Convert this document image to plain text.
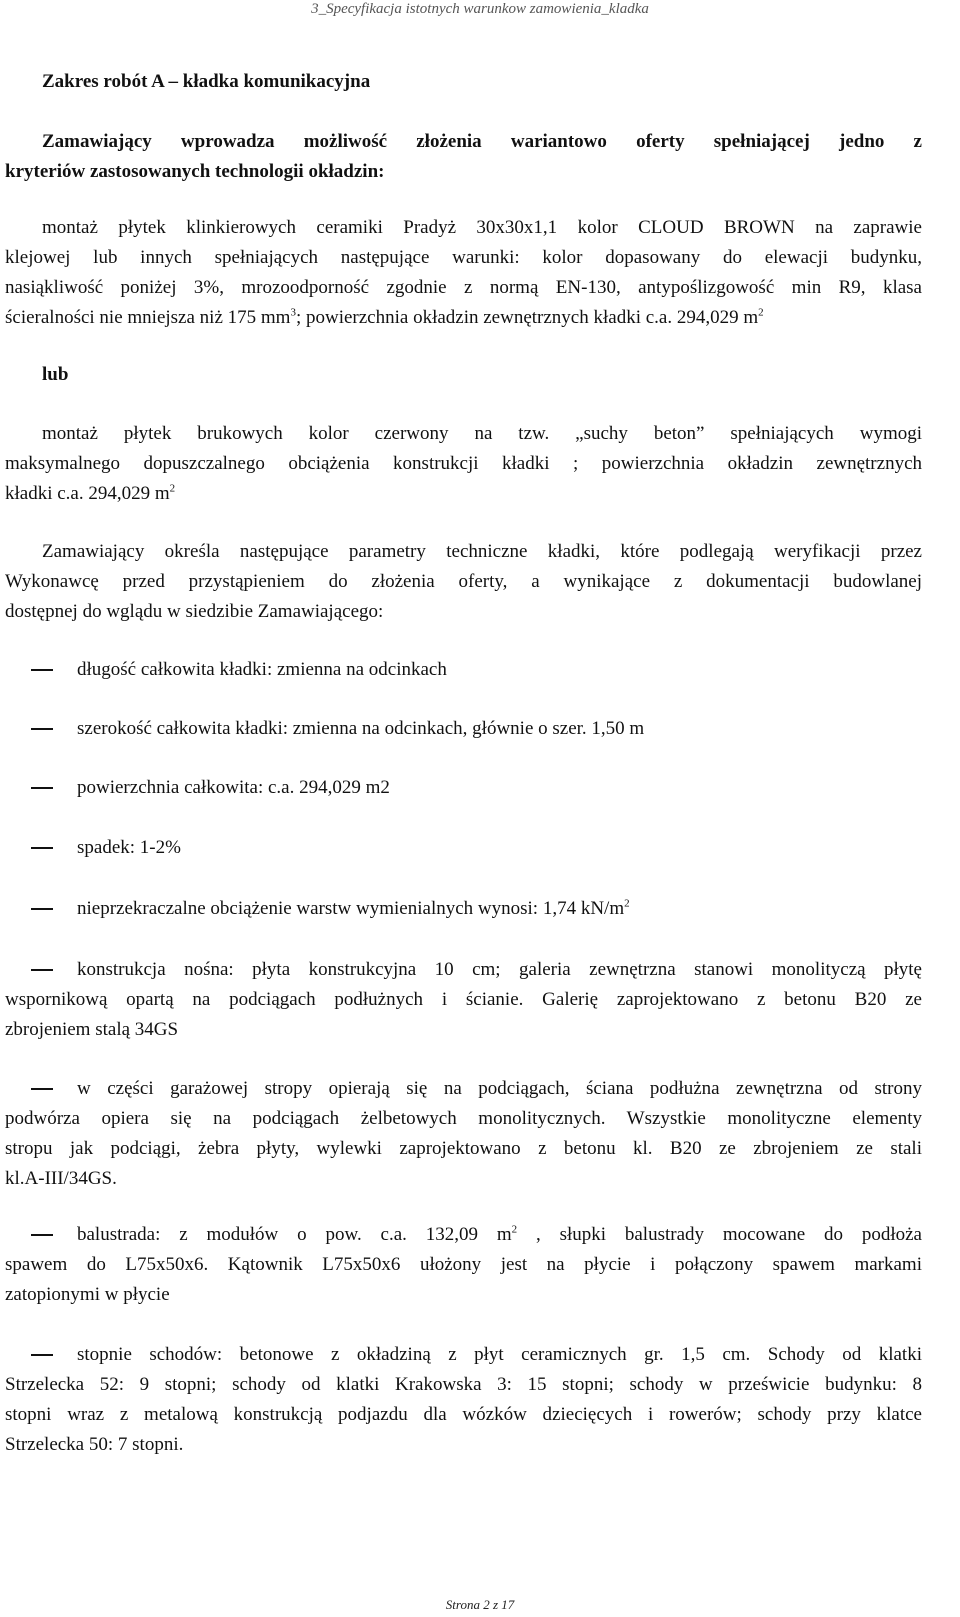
3_Specyfikacja istotnych warunkow zamowienia_kladka
Zakres robót A – kładka komunikacyjna
Zamawiający wprowadza możliwość złożenia wariantowo oferty spełniającej jedno z
kryteriów zastosowanych technologii okładzin:
montaż płytek klinkierowych ceramiki Pradyż 30x30x1,1 kolor CLOUD BROWN na zaprawie
klejowej lub innych spełniających następujące warunki: kolor dopasowany do elewacji budynku,
nasiąkliwość poniżej 3%, mrozoodporność zgodnie z normą EN-130, antypoślizgowość min R9, klasa
ścieralności nie mniejsza niż 175 $mm^3$; powierzchnia okładzin zewnętrznych kładki c.a. 294,029 $m^2$
lub
montaż płytek brukowych kolor czerwony na tzw. „suchy beton” spełniających wymogi
maksymalnego dopuszczalnego obciążenia konstrukcji kładki ; powierzchnia okładzin zewnętrznych
kładki c.a. 294,029 $m^2$
Zamawiający określa następujące parametry techniczne kładki, które podlegają weryfikacji przez
Wykonawcę przed przystąpieniem do złożenia oferty, a wynikające z dokumentacji budowlanej
dostępnej do wglądu w siedzibie Zamawiającego:
długość całkowita kładki: zmienna na odcinkach
szerokość całkowita kładki: zmienna na odcinkach, głównie o szer. 1,50 m
powierzchnia całkowita: c.a. 294,029 m2
spadek: 1-2%
nieprzekraczalne obciążenie warstw wymienialnych wynosi: 1,74 $kN/m^2$
konstrukcja nośna: płyta konstrukcyjna 10 cm; galeria zewnętrzna stanowi monolityczą płytę
wspornikową opartą na podciągach podłużnych i ścianie. Galerię zaprojektowano z betonu B20 ze
zbrojeniem stalą 34GS
w części garażowej stropy opierają się na podciągach, ściana podłużna zewnętrzna od strony
podwórza opiera się na podciągach żelbetowych monolitycznych. Wszystkie monolityczne elementy
stropu jak podciągi, żebra płyty, wylewki zaprojektowano z betonu kl. B20 ze zbrojeniem ze stali
kl.A-III/34GS.
balustrada: z modułów o pow. c.a. 132,09 $m^2$ , słupki balustrady mocowane do podłoża
spawem do L75x50x6. Kątownik L75x50x6 ułożony jest na płycie i połączony spawem markami
zatopionymi w płycie
stopnie schodów: betonowe z okładziną z płyt ceramicznych gr. 1,5 cm. Schody od klatki
Strzelecka 52: 9 stopni; schody od klatki Krakowska 3: 15 stopni; schody w prześwicie budynku: 8
stopni wraz z metalową konstrukcją podjazdu dla wózków dziecięcych i rowerów; schody przy klatce
Strzelecka 50: 7 stopni.
Strona 2 z 17
